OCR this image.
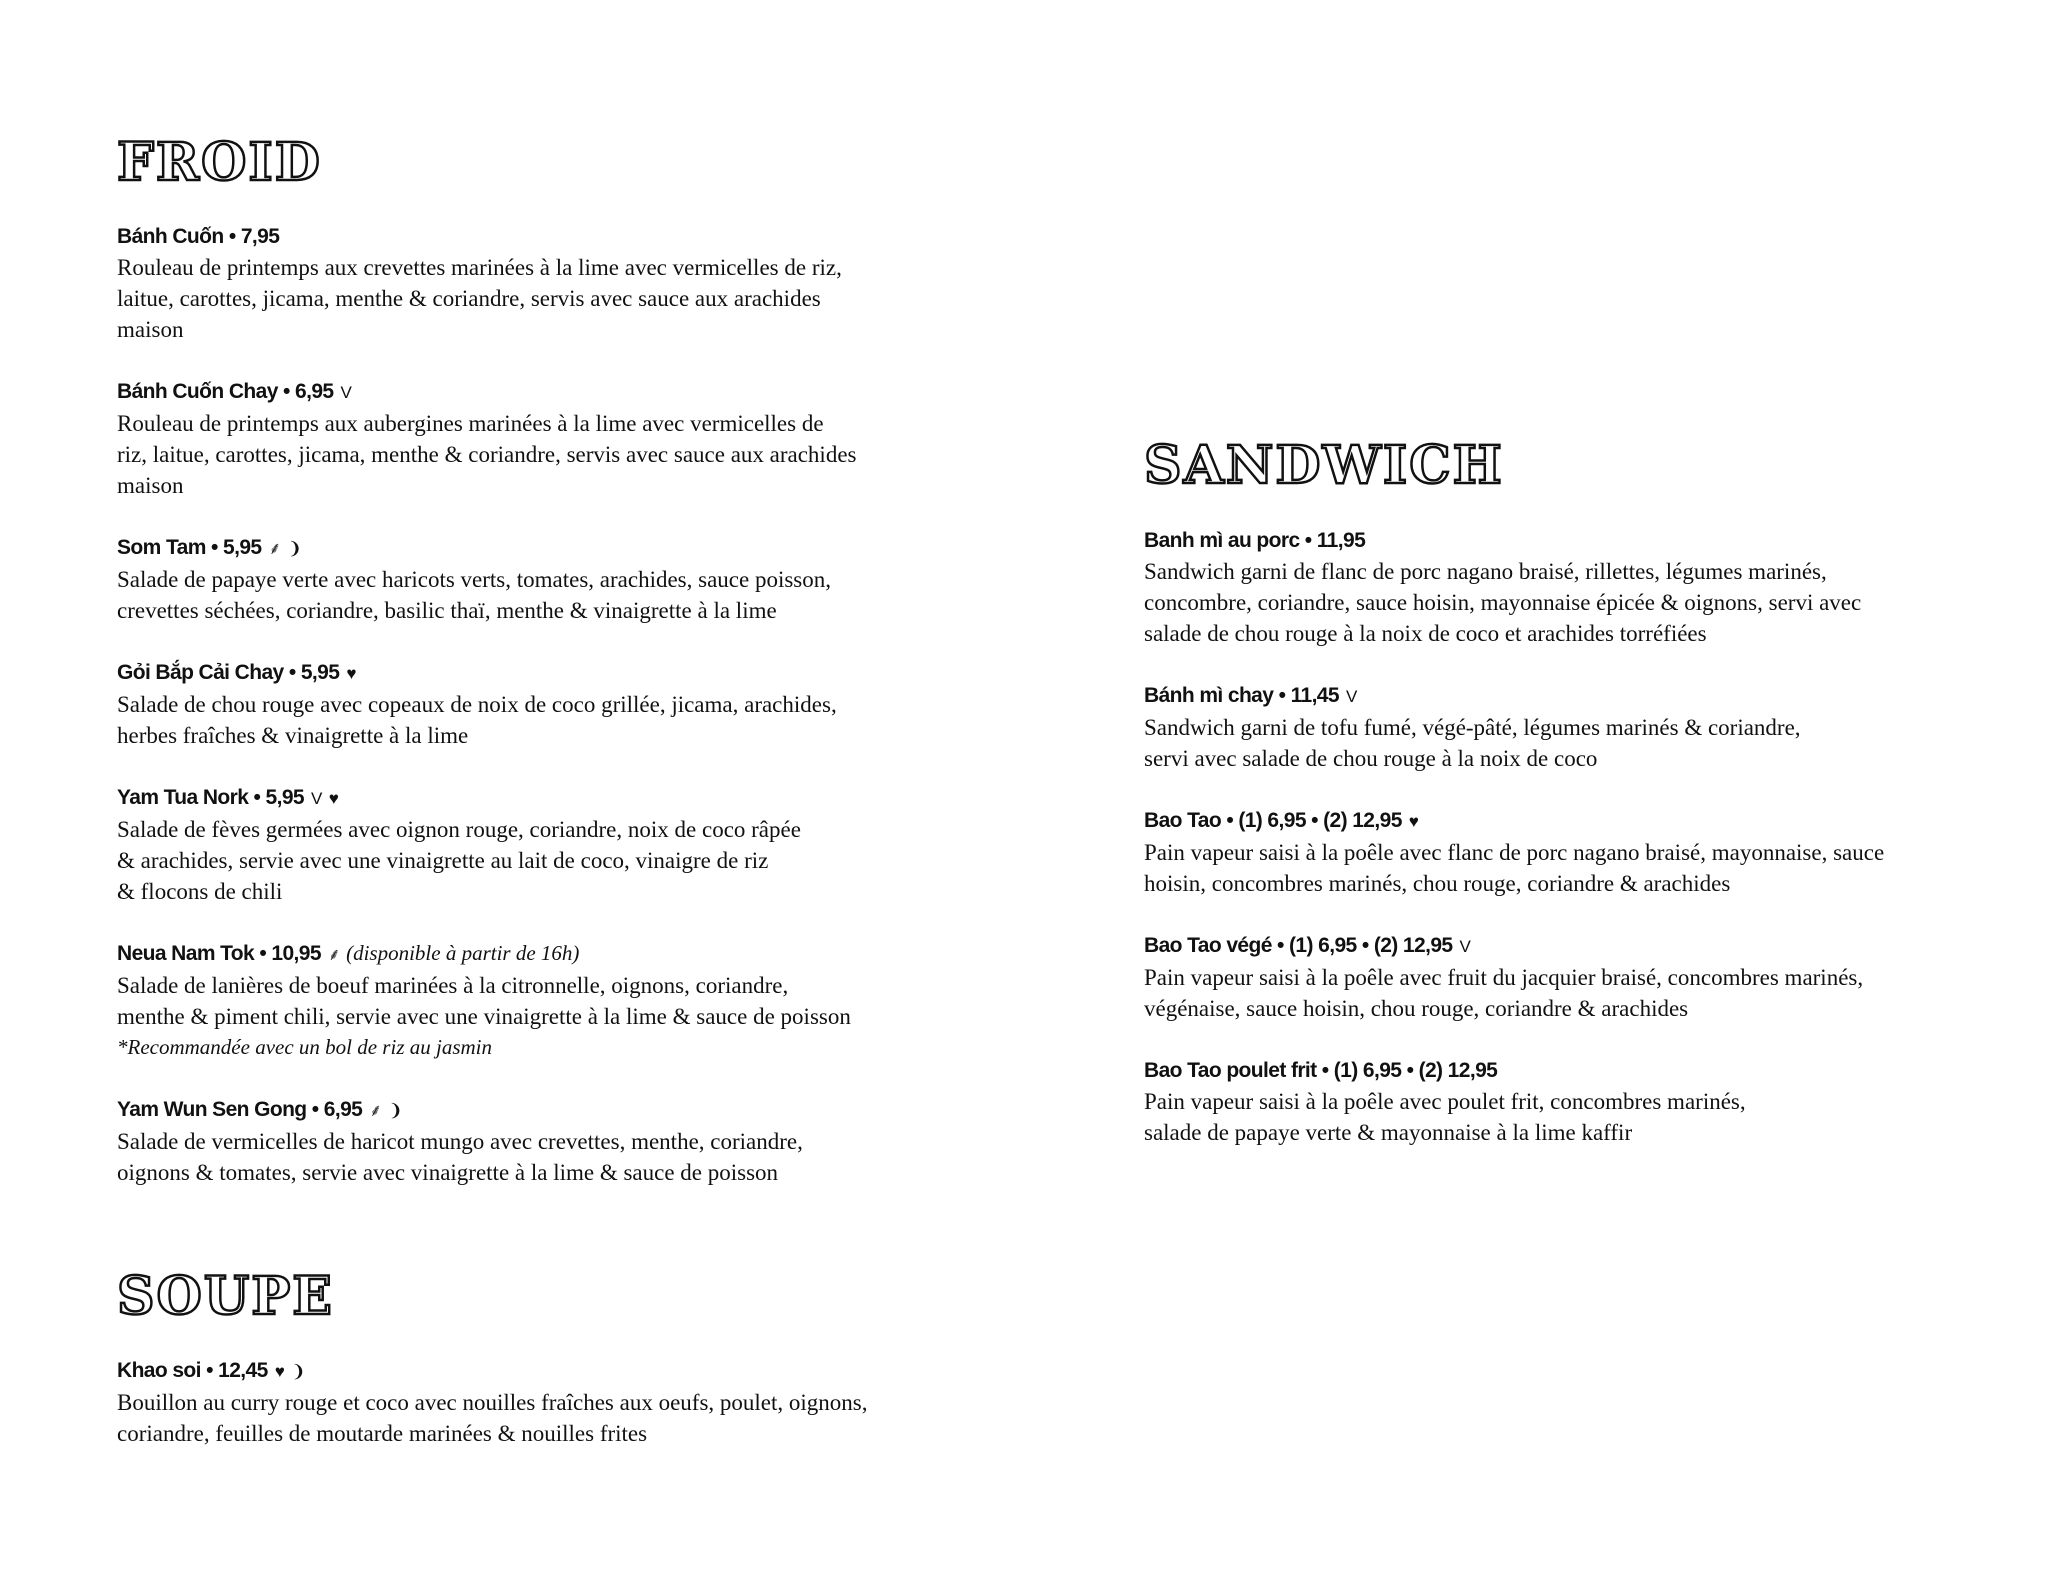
FROID
Bánh Cuốn • 7,95
Rouleau de printemps aux crevettes marinées à la lime avec vermicelles de riz,
laitue, carottes, jicama, menthe & coriandre, servis avec sauce aux arachides
maison
Bánh Cuốn Chay • 6,95 V
Rouleau de printemps aux aubergines marinées à la lime avec vermicelles de
riz, laitue, carottes, jicama, menthe & coriandre, servis avec sauce aux arachides
maison
Som Tam • 5,95 ⸙ ❩
Salade de papaye verte avec haricots verts, tomates, arachides, sauce poisson,
crevettes séchées, coriandre, basilic thaï, menthe & vinaigrette à la lime
Gỏi Bắp Cải Chay • 5,95 ♥
Salade de chou rouge avec copeaux de noix de coco grillée, jicama, arachides,
herbes fraîches & vinaigrette à la lime
Yam Tua Nork • 5,95 V ♥
Salade de fèves germées avec oignon rouge, coriandre, noix de coco râpée
& arachides, servie avec une vinaigrette au lait de coco, vinaigre de riz
& flocons de chili
Neua Nam Tok • 10,95 ⸙ (disponible à partir de 16h)
Salade de lanières de boeuf marinées à la citronnelle, oignons, coriandre,
menthe & piment chili, servie avec une vinaigrette à la lime & sauce de poisson
*Recommandée avec un bol de riz au jasmin
Yam Wun Sen Gong • 6,95 ⸙ ❩
Salade de vermicelles de haricot mungo avec crevettes, menthe, coriandre,
oignons & tomates, servie avec vinaigrette à la lime & sauce de poisson
SOUPE
Khao soi • 12,45 ♥ ❩
Bouillon au curry rouge et coco avec nouilles fraîches aux oeufs, poulet, oignons,
coriandre, feuilles de moutarde marinées & nouilles frites
SANDWICH
Banh mì au porc • 11,95
Sandwich garni de flanc de porc nagano braisé, rillettes, légumes marinés,
concombre, coriandre, sauce hoisin, mayonnaise épicée & oignons, servi avec
salade de chou rouge à la noix de coco et arachides torréfiées
Bánh mì chay • 11,45 V
Sandwich garni de tofu fumé, végé-pâté, légumes marinés & coriandre,
servi avec salade de chou rouge à la noix de coco
Bao Tao • (1) 6,95 • (2) 12,95 ♥
Pain vapeur saisi à la poêle avec flanc de porc nagano braisé, mayonnaise, sauce
hoisin, concombres marinés, chou rouge, coriandre & arachides
Bao Tao végé • (1) 6,95 • (2) 12,95 V
Pain vapeur saisi à la poêle avec fruit du jacquier braisé, concombres marinés,
végénaise, sauce hoisin, chou rouge, coriandre & arachides
Bao Tao poulet frit • (1) 6,95 • (2) 12,95
Pain vapeur saisi à la poêle avec poulet frit, concombres marinés,
salade de papaye verte & mayonnaise à la lime kaffir
